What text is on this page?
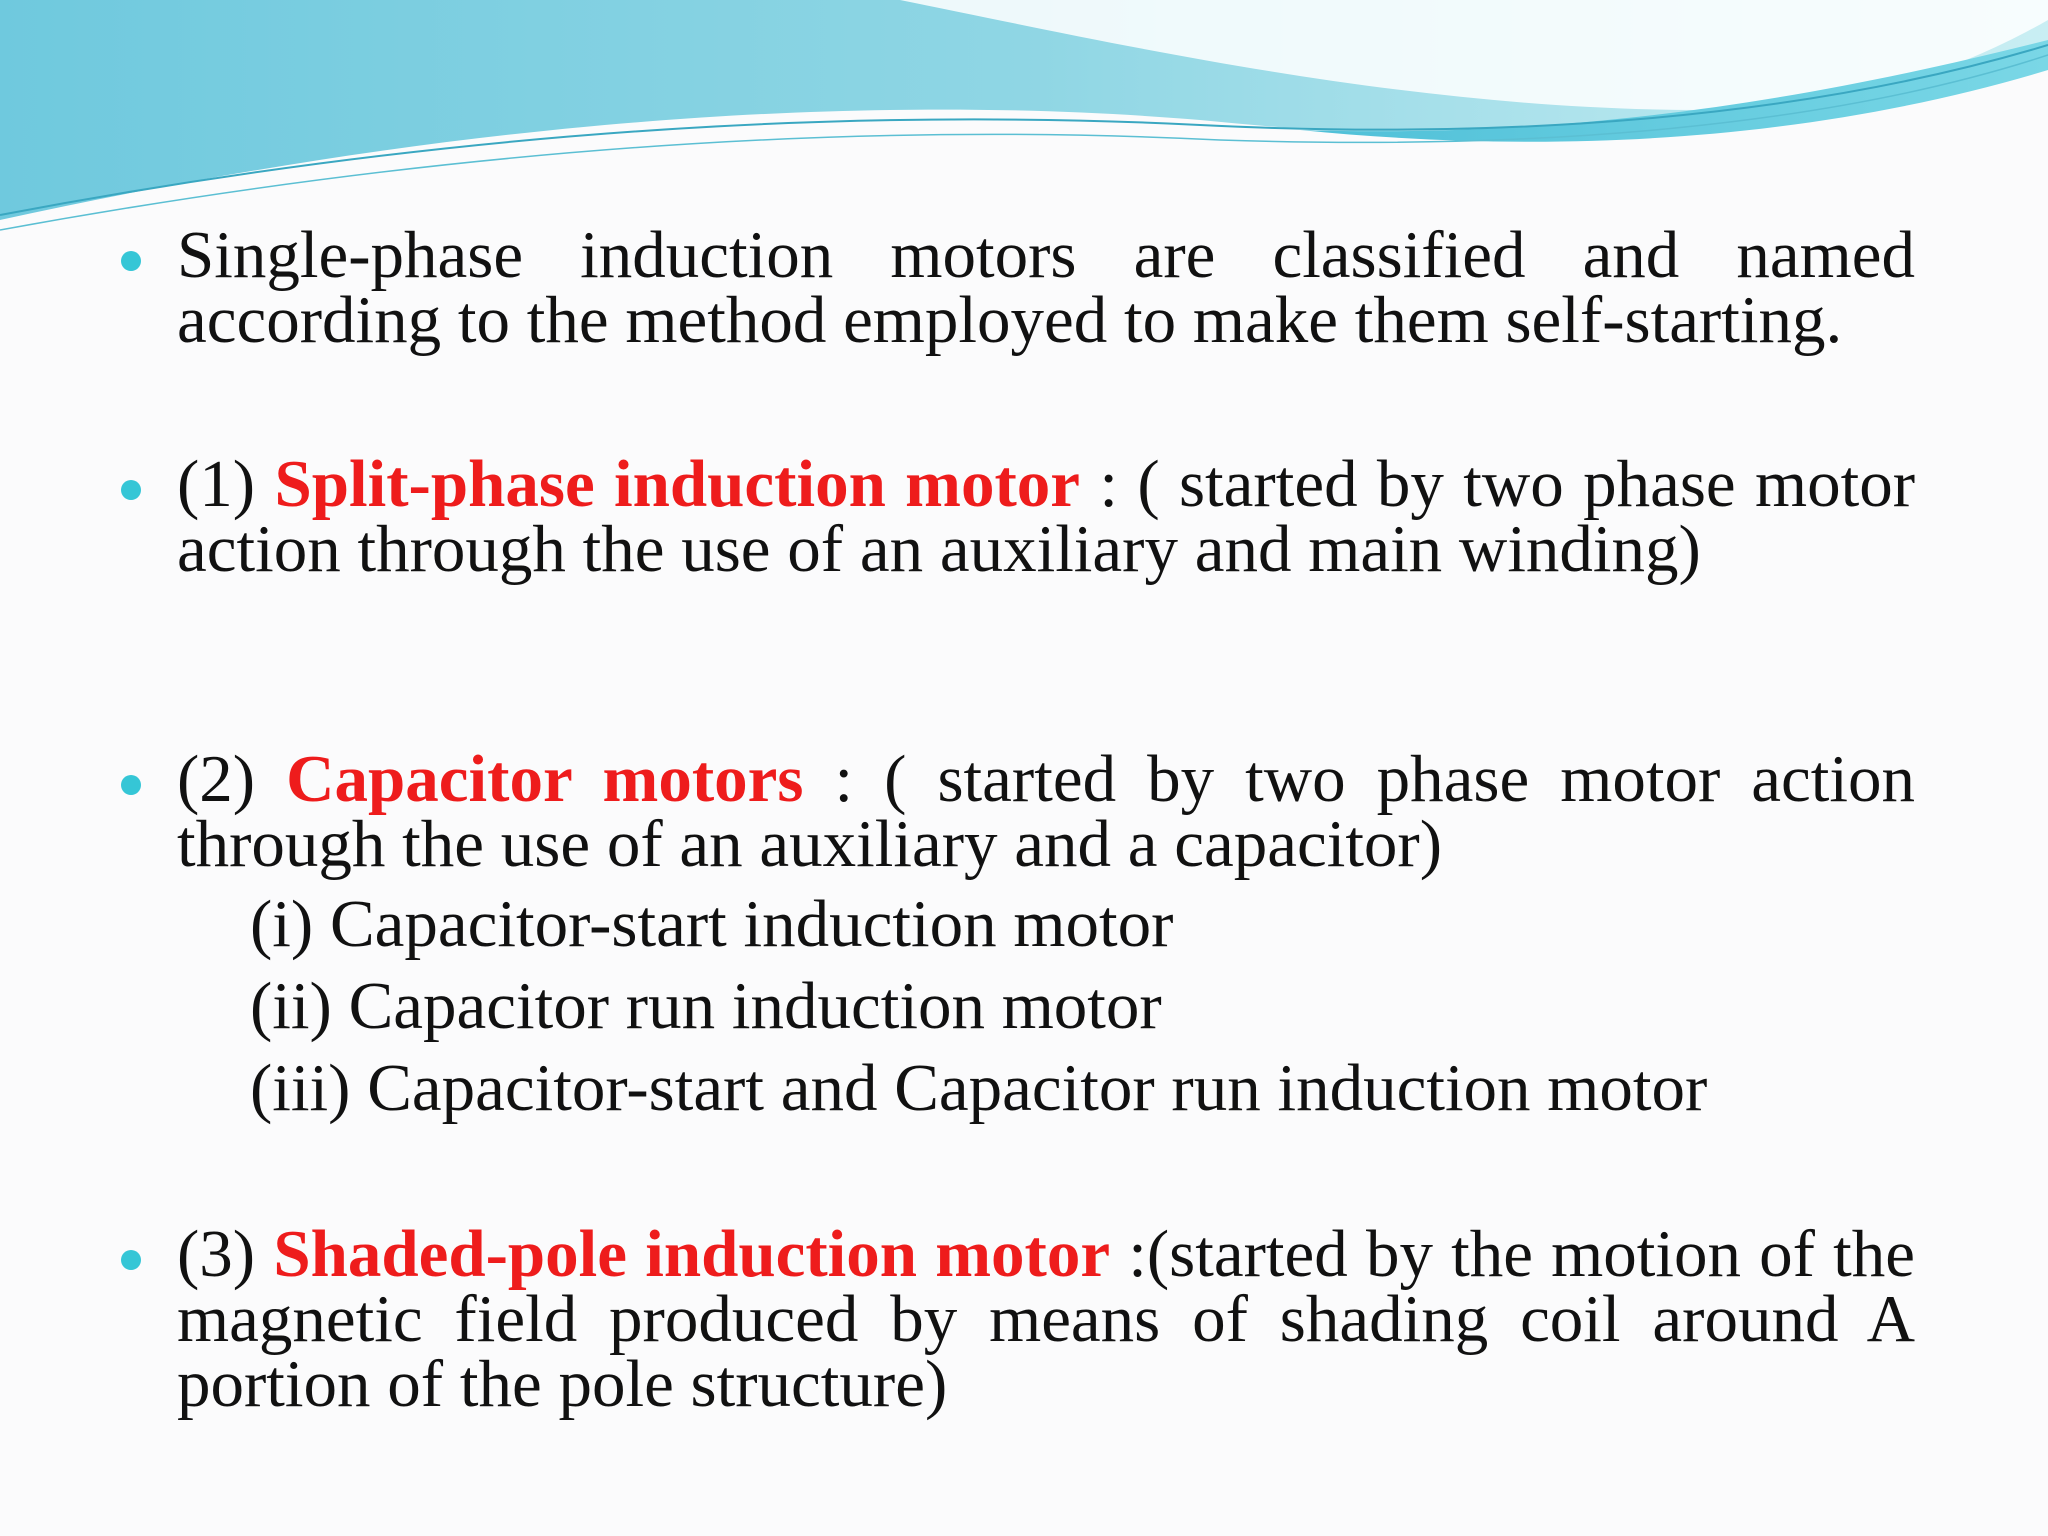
Single-phase induction motors are classified and named according to the method employed to make them self-starting.
(1) Split-phase induction motor : ( started by two phase motor action through the use of an auxiliary and main winding)
(2) Capacitor motors : ( started by two phase motor action through the use of an auxiliary and a capacitor)
(i) Capacitor-start induction motor
(ii) Capacitor run induction motor
(iii) Capacitor-start and Capacitor run induction motor
(3) Shaded-pole induction motor :(started by the motion of the magnetic field produced by means of shading coil around A portion of the pole structure)
